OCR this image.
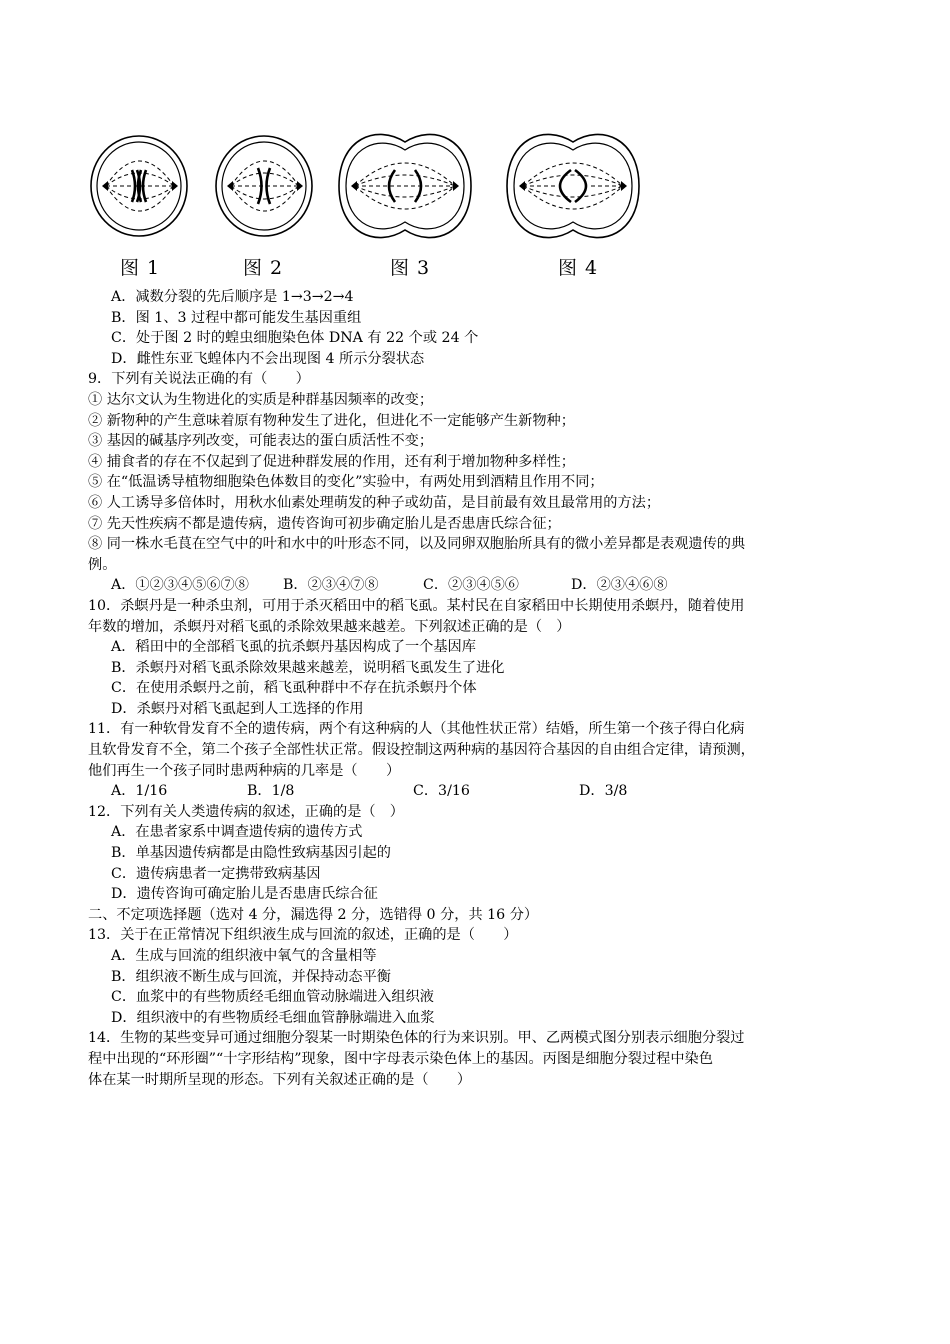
图 1	图 2	图 3	图 4
A．减数分裂的先后顺序是 1→3→2→4
B．图 1、3 过程中都可能发生基因重组
C．处于图 2 时的蝗虫细胞染色体 DNA 有 22 个或 24 个
D．雌性东亚飞蝗体内不会出现图 4 所示分裂状态
9．下列有关说法正确的有（　　）
① 达尔文认为生物进化的实质是种群基因频率的改变；
② 新物种的产生意味着原有物种发生了进化，但进化不一定能够产生新物种；
③ 基因的碱基序列改变，可能表达的蛋白质活性不变；
④ 捕食者的存在不仅起到了促进种群发展的作用，还有利于增加物种多样性；
⑤ 在“低温诱导植物细胞染色体数目的变化”实验中，有两处用到酒精且作用不同；
⑥ 人工诱导多倍体时，用秋水仙素处理萌发的种子或幼苗，是目前最有效且最常用的方法；
⑦ 先天性疾病不都是遗传病，遗传咨询可初步确定胎儿是否患唐氏综合征；
⑧ 同一株水毛茛在空气中的叶和水中的叶形态不同，以及同卵双胞胎所具有的微小差异都是表观遗传的典
例。
A．①②③④⑤⑥⑦⑧	B．②③④⑦⑧	C．②③④⑤⑥	D．②③④⑥⑧
10．杀螟丹是一种杀虫剂，可用于杀灭稻田中的稻飞虱。某村民在自家稻田中长期使用杀螟丹，随着使用
年数的增加，杀螟丹对稻飞虱的杀除效果越来越差。下列叙述正确的是（　）
A．稻田中的全部稻飞虱的抗杀螟丹基因构成了一个基因库
B．杀螟丹对稻飞虱杀除效果越来越差，说明稻飞虱发生了进化
C．在使用杀螟丹之前，稻飞虱种群中不存在抗杀螟丹个体
D．杀螟丹对稻飞虱起到人工选择的作用
11．有一种软骨发育不全的遗传病，两个有这种病的人（其他性状正常）结婚，所生第一个孩子得白化病
且软骨发育不全，第二个孩子全部性状正常。假设控制这两种病的基因符合基因的自由组合定律，请预测，
他们再生一个孩子同时患两种病的几率是（　　）
A．1/16	B．1/8	C．3/16	D．3/8
12．下列有关人类遗传病的叙述，正确的是（　）
A．在患者家系中调查遗传病的遗传方式
B．单基因遗传病都是由隐性致病基因引起的
C．遗传病患者一定携带致病基因
D．遗传咨询可确定胎儿是否患唐氏综合征
二、不定项选择题（选对 4 分，漏选得 2 分，选错得 0 分，共 16 分）
13．关于在正常情况下组织液生成与回流的叙述，正确的是（　　）
A．生成与回流的组织液中氧气的含量相等
B．组织液不断生成与回流，并保持动态平衡
C．血浆中的有些物质经毛细血管动脉端进入组织液
D．组织液中的有些物质经毛细血管静脉端进入血浆
14．生物的某些变异可通过细胞分裂某一时期染色体的行为来识别。甲、乙两模式图分别表示细胞分裂过
程中出现的“环形圈”“十字形结构”现象，图中字母表示染色体上的基因。丙图是细胞分裂过程中染色
体在某一时期所呈现的形态。下列有关叙述正确的是（　　）
